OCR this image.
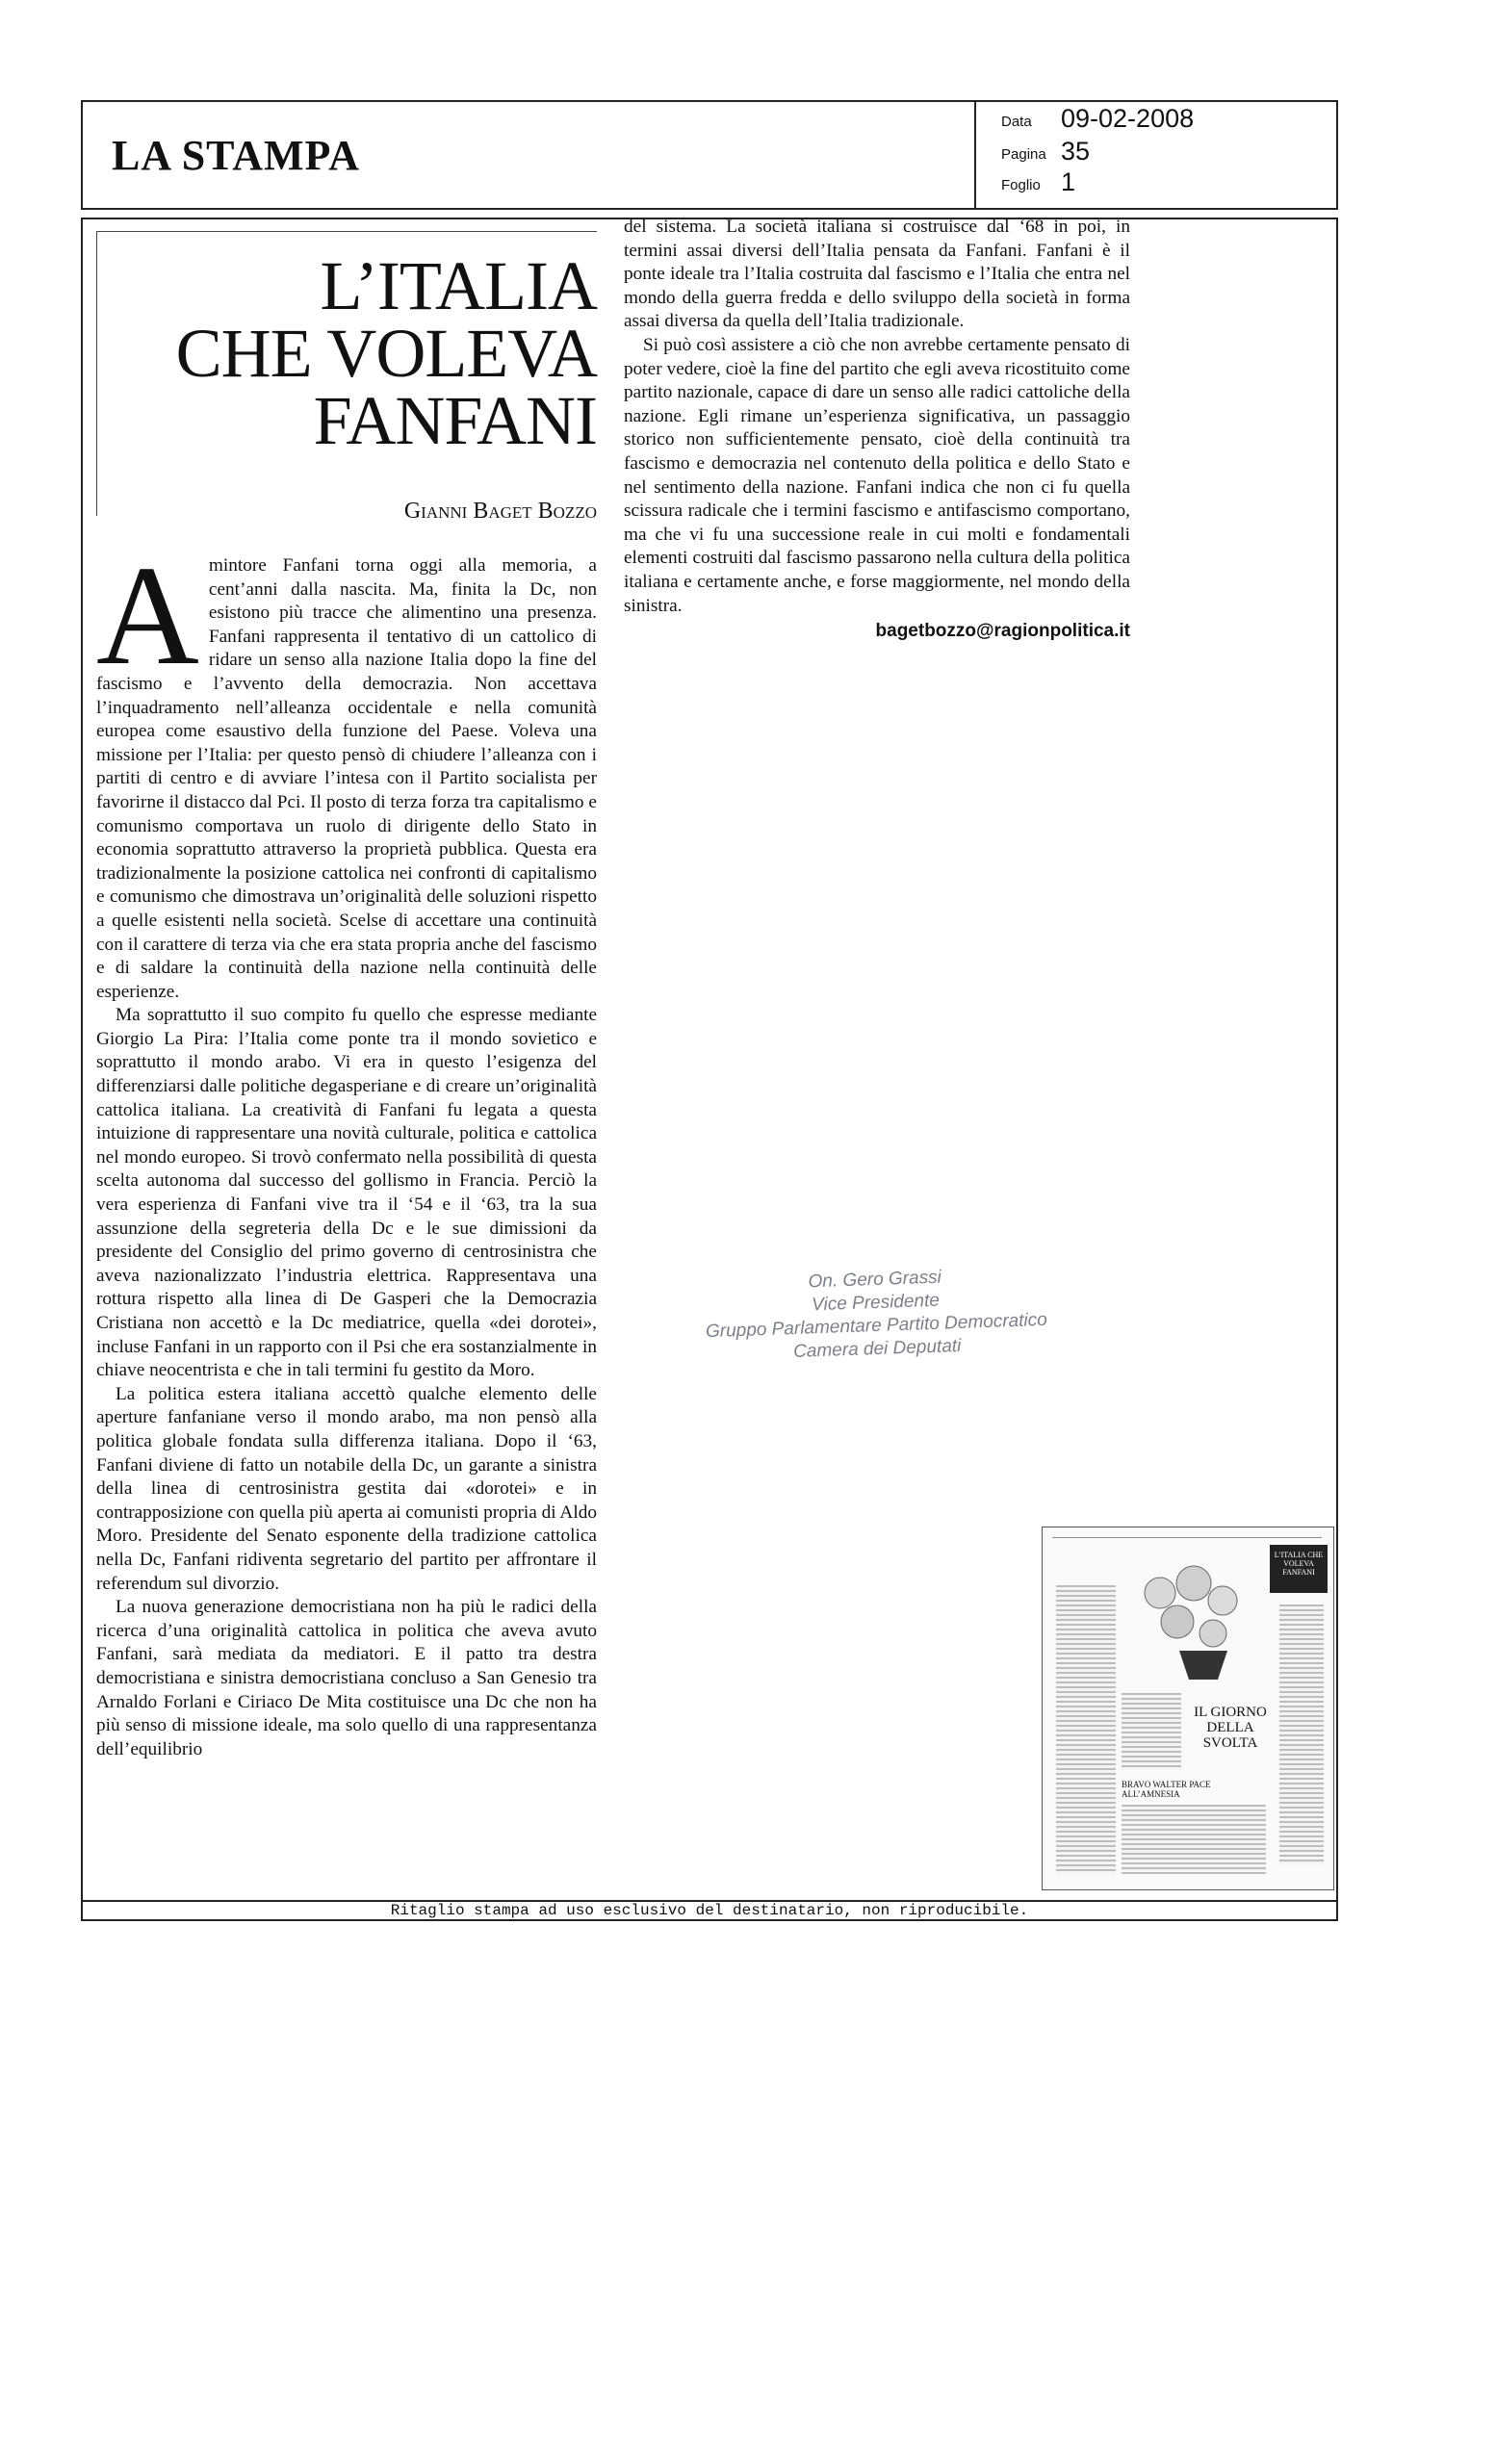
LA STAMPA
Data 09-02-2008
Pagina 35
Foglio 1
L’ITALIA
CHE VOLEVA
FANFANI
Gianni Baget Bozzo

Amintore Fanfani torna oggi alla memoria, a cent’anni dalla nascita. Ma, finita la Dc, non esistono più tracce che alimentino una presenza. Fanfani rappresenta il tentativo di un cattolico di ridare un senso alla nazione Italia dopo la fine del fascismo e l’avvento della democrazia. Non accettava l’inquadramento nell’alleanza occidentale e nella comunità europea come esaustivo della funzione del Paese. Voleva una missione per l’Italia: per questo pensò di chiudere l’alleanza con i partiti di centro e di avviare l’intesa con il Partito socialista per favorirne il distacco dal Pci. Il posto di terza forza tra capitalismo e comunismo comportava un ruolo di dirigente dello Stato in economia soprattutto attraverso la proprietà pubblica. Questa era tradizionalmente la posizione cattolica nei confronti di capitalismo e comunismo che dimostrava un’originalità delle soluzioni rispetto a quelle esistenti nella società. Scelse di accettare una continuità con il carattere di terza via che era stata propria anche del fascismo e di saldare la continuità della nazione nella continuità delle esperienze.

Ma soprattutto il suo compito fu quello che espresse mediante Giorgio La Pira: l’Italia come ponte tra il mondo sovietico e soprattutto il mondo arabo. Vi era in questo l’esigenza del differenziarsi dalle politiche degasperiane e di creare un’originalità cattolica italiana. La creatività di Fanfani fu legata a questa intuizione di rappresentare una novità culturale, politica e cattolica nel mondo europeo. Si trovò confermato nella possibilità di questa scelta autonoma dal successo del gollismo in Francia. Perciò la vera esperienza di Fanfani vive tra il ‘54 e il ‘63, tra la sua assunzione della segreteria della Dc e le sue dimissioni da presidente del Consiglio del primo governo di centrosinistra che aveva nazionalizzato l’industria elettrica. Rappresentava una rottura rispetto alla linea di De Gasperi che la Democrazia Cristiana non accettò e la Dc mediatrice, quella «dei dorotei», incluse Fanfani in un rapporto con il Psi che era sostanzialmente in chiave neocentrista e che in tali termini fu gestito da Moro.

La politica estera italiana accettò qualche elemento delle aperture fanfaniane verso il mondo arabo, ma non pensò alla politica globale fondata sulla differenza italiana. Dopo il ‘63, Fanfani diviene di fatto un notabile della Dc, un garante a sinistra della linea di centrosinistra gestita dai «dorotei» e in contrapposizione con quella più aperta ai comunisti propria di Aldo Moro. Presidente del Senato esponente della tradizione cattolica nella Dc, Fanfani ridiventa segretario del partito per affrontare il referendum sul divorzio.

La nuova generazione democristiana non ha più le radici della ricerca d’una originalità cattolica in politica che aveva avuto Fanfani, sarà mediata da mediatori. E il patto tra destra democristiana e sinistra democristiana concluso a San Genesio tra Arnaldo Forlani e Ciriaco De Mita costituisce una Dc che non ha più senso di missione ideale, ma solo quello di una rappresentanza dell’equilibrio

del sistema. La società italiana si costruisce dal ‘68 in poi, in termini assai diversi dell’Italia pensata da Fanfani. Fanfani è il ponte ideale tra l’Italia costruita dal fascismo e l’Italia che entra nel mondo della guerra fredda e dello sviluppo della società in forma assai diversa da quella dell’Italia tradizionale.

Si può così assistere a ciò che non avrebbe certamente pensato di poter vedere, cioè la fine del partito che egli aveva ricostituito come partito nazionale, capace di dare un senso alle radici cattoliche della nazione. Egli rimane un’esperienza significativa, un passaggio storico non sufficientemente pensato, cioè della continuità tra fascismo e democrazia nel contenuto della politica e dello Stato e nel sentimento della nazione. Fanfani indica che non ci fu quella scissura radicale che i termini fascismo e antifascismo comportano, ma che vi fu una successione reale in cui molti e fondamentali elementi costruiti dal fascismo passarono nella cultura della politica italiana e certamente anche, e forse maggiormente, nel mondo della sinistra.

bagetbozzo@ragionpolitica.it
On. Gero Grassi
Vice Presidente
Gruppo Parlamentare Partito Democratico
Camera dei Deputati
IL GIORNO DELLA SVOLTA
L’ITALIA CHE VOLEVA FANFANI
BRAVO WALTER PACE ALL’AMNESIA
Ritaglio stampa ad uso esclusivo del destinatario, non riproducibile.
